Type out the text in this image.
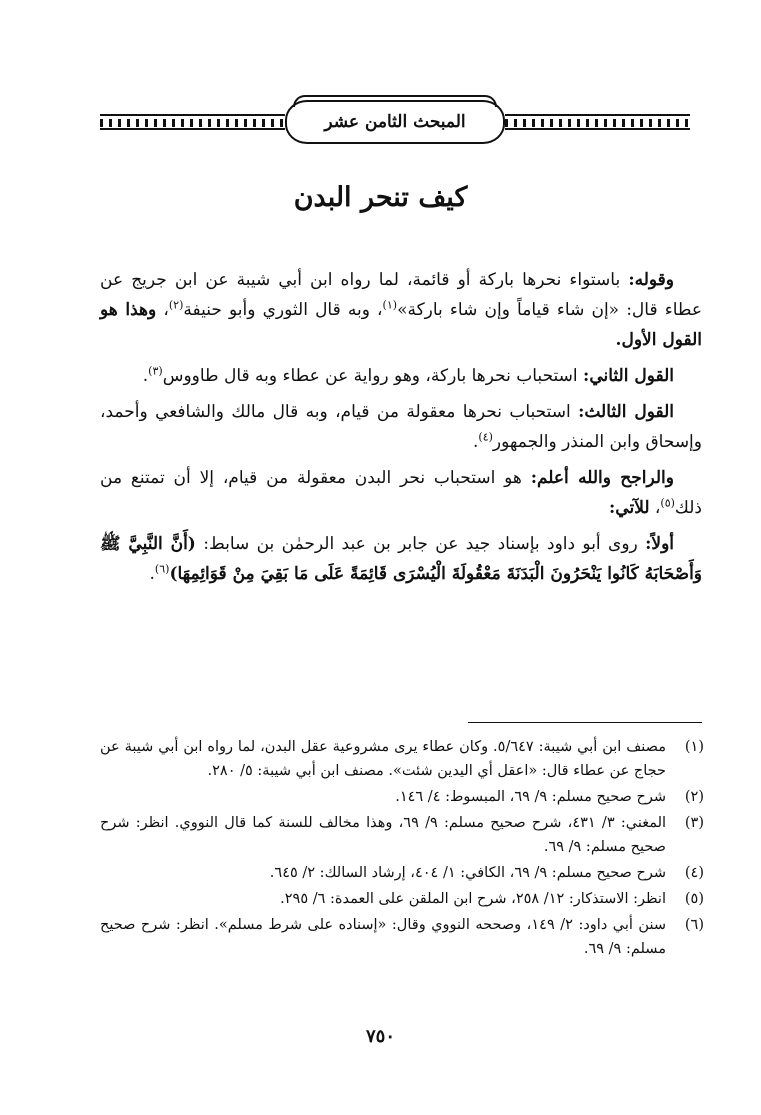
المبحث الثامن عشر
كيف تنحر البدن

وقوله: باستواء نحرها باركة أو قائمة، لما رواه ابن أبي شيبة عن ابن جريج عن عطاء قال: «إن شاء قياماً وإن شاء باركة»$^{(١)}$، وبه قال الثوري وأبو حنيفة$^{(٢)}$، وهذا هو القول الأول.

القول الثاني: استحباب نحرها باركة، وهو رواية عن عطاء وبه قال طاووس$^{(٣)}$.

القول الثالث: استحباب نحرها معقولة من قيام، وبه قال مالك والشافعي وأحمد، وإسحاق وابن المنذر والجمهور$^{(٤)}$.

والراجح والله أعلم: هو استحباب نحر البدن معقولة من قيام، إلا أن تمتنع من ذلك$^{(٥)}$، للآتي:

أولاً: روى أبو داود بإسناد جيد عن جابر بن عبد الرحمٰن بن سابط: (أَنَّ النَّبِيَّ ﷺ وَأَصْحَابَهُ كَانُوا يَنْحَرُونَ الْبَدَنَةَ مَعْقُولَةَ الْيُسْرَى قَائِمَةً عَلَى مَا بَقِيَ مِنْ قَوَائِمِهَا)$^{(٦)}$.

(١)
مصنف ابن أبي شيبة: ٥/٦٤٧. وكان عطاء يرى مشروعية عقل البدن، لما رواه ابن أبي شيبة عن حجاج عن عطاء قال: «اعقل أي اليدين شئت». مصنف ابن أبي شيبة: ٥/ ٢٨٠.
(٢)
شرح صحيح مسلم: ٩/ ٦٩، المبسوط: ٤/ ١٤٦.
(٣)
المغني: ٣/ ٤٣١، شرح صحيح مسلم: ٩/ ٦٩، وهذا مخالف للسنة كما قال النووي. انظر: شرح صحيح مسلم: ٩/ ٦٩.
(٤)
شرح صحيح مسلم: ٩/ ٦٩، الكافي: ١/ ٤٠٤، إرشاد السالك: ٢/ ٦٤٥.
(٥)
انظر: الاستذكار: ١٢/ ٢٥٨، شرح ابن الملقن على العمدة: ٦/ ٢٩٥.
(٦)
سنن أبي داود: ٢/ ١٤٩، وصححه النووي وقال: «إسناده على شرط مسلم». انظر: شرح صحيح مسلم: ٩/ ٦٩.
٧٥٠
